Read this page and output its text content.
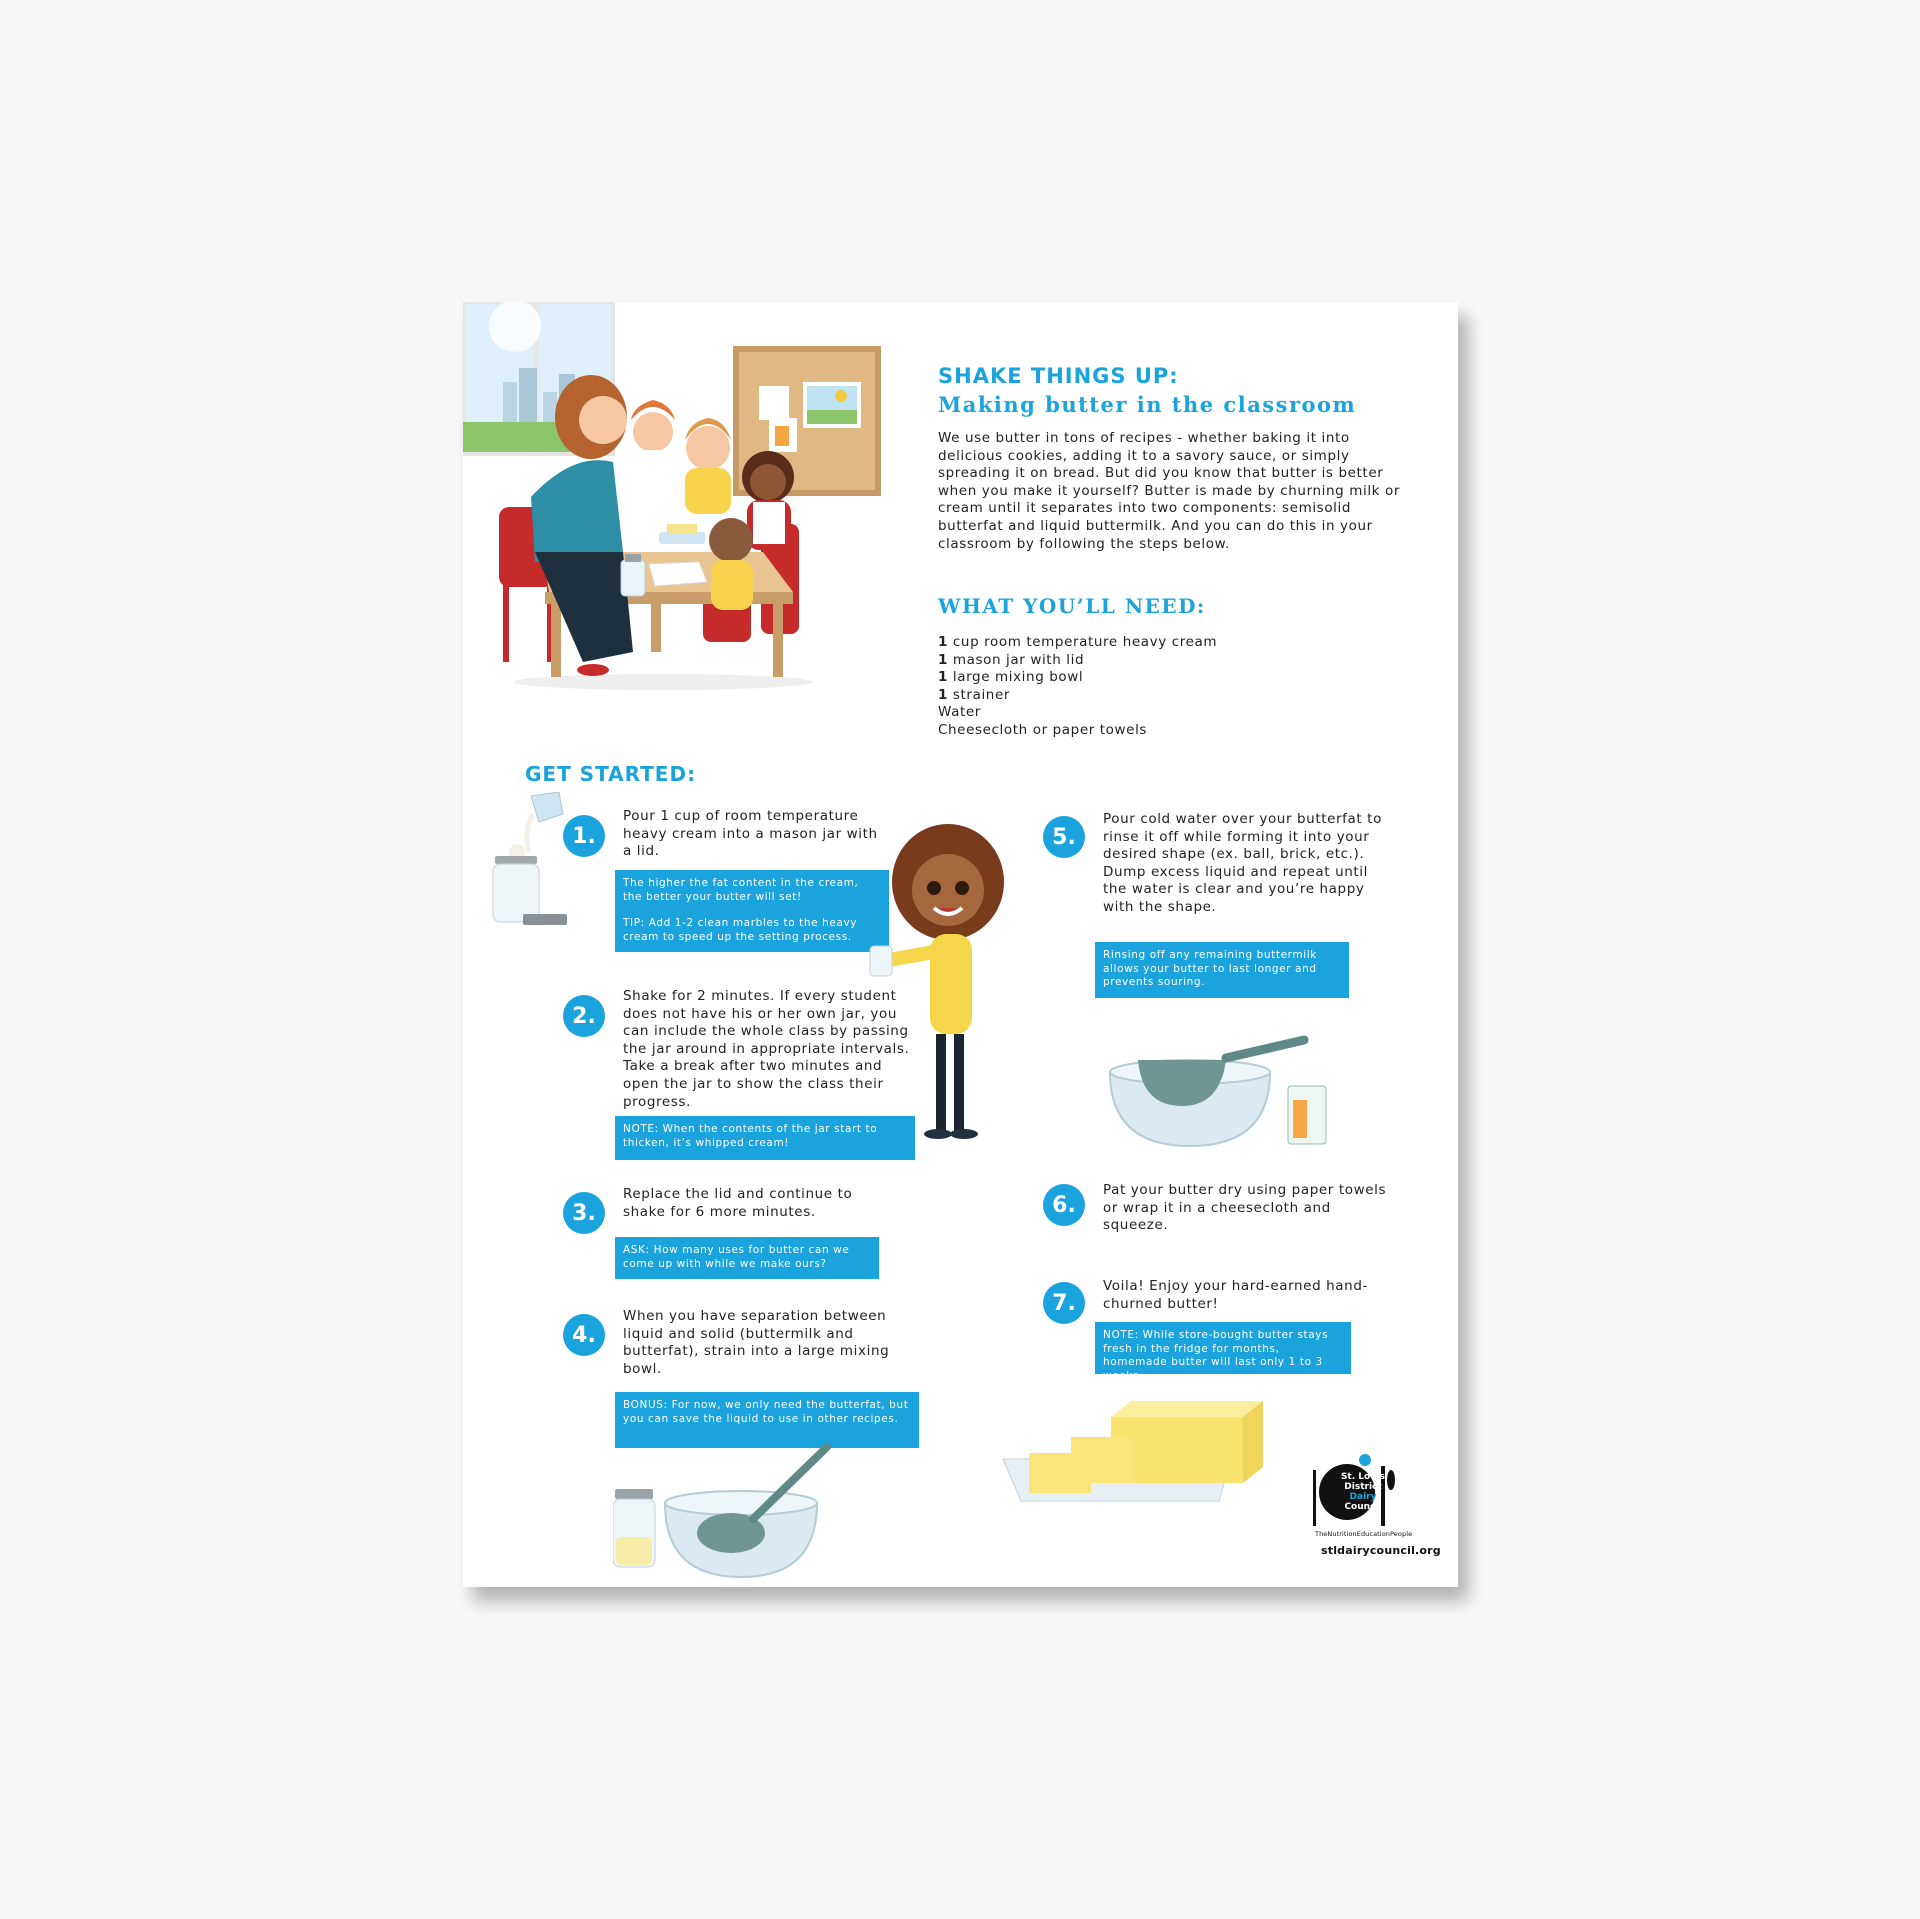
SHAKE THINGS UP:
Making butter in the classroom
We use butter in tons of recipes - whether baking it into delicious cookies, adding it to a savory sauce, or simply spreading it on bread. But did you know that butter is better when you make it yourself? Butter is made by churning milk or cream until it separates into two components: semisolid butterfat and liquid buttermilk. And you can do this in your classroom by following the steps below.
WHAT YOU’LL NEED:
1 cup room temperature heavy cream
1 mason jar with lid
1 large mixing bowl
1 strainer
Water
Cheesecloth or paper towels
GET STARTED:
1.
Pour 1 cup of room temperature heavy cream into a mason jar with a lid.
The higher the fat content in the cream, the better your butter will set!
TIP: Add 1-2 clean marbles to the heavy cream to speed up the setting process.
2.
Shake for 2 minutes. If every student does not have his or her own jar, you can include the whole class by passing the jar around in appropriate intervals. Take a break after two minutes and open the jar to show the class their progress.
NOTE: When the contents of the jar start to thicken, it’s whipped cream!
3.
Replace the lid and continue to shake for 6 more minutes.
ASK: How many uses for butter can we come up with while we make ours?
4.
When you have separation between liquid and solid (buttermilk and butterfat), strain into a large mixing bowl.
BONUS: For now, we only need the butterfat, but you can save the liquid to use in other recipes.
5.
Pour cold water over your butterfat to rinse it off while forming it into your desired shape (ex. ball, brick, etc.). Dump excess liquid and repeat until the water is clear and you’re happy with the shape.
Rinsing off any remaining buttermilk allows your butter to last longer and prevents souring.
6.
Pat your butter dry using paper towels or wrap it in a cheesecloth and squeeze.
7.
Voila! Enjoy your hard-earned hand-churned butter!
NOTE: While store-bought butter stays fresh in the fridge for months, homemade butter will last only 1 to 3 weeks.
St. Louis
District
Dairy
Council
TheNutritionEducationPeople
stldairycouncil.org
